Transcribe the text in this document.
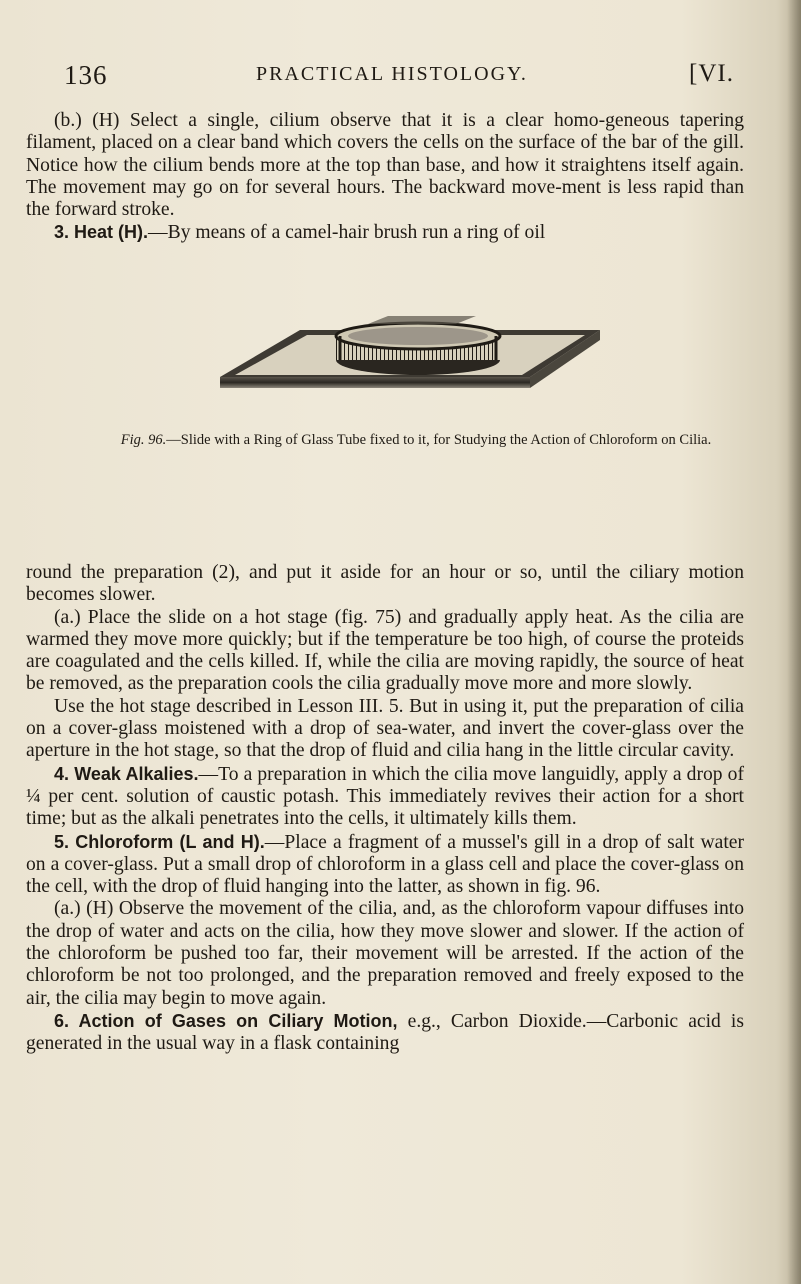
136	PRACTICAL HISTOLOGY.	[VI.

(b.) (H) Select a single, cilium observe that it is a clear homo-geneous tapering filament, placed on a clear band which covers the cells on the surface of the bar of the gill. Notice how the cilium bends more at the top than base, and how it straightens itself again. The movement may go on for several hours. The backward move-ment is less rapid than the forward stroke.

3. Heat (H).—By means of a camel-hair brush run a ring of oil

Fig. 96.—Slide with a Ring of Glass Tube fixed to it, for Studying the Action of Chloroform on Cilia.

round the preparation (2), and put it aside for an hour or so, until the ciliary motion becomes slower.

(a.) Place the slide on a hot stage (fig. 75) and gradually apply heat. As the cilia are warmed they move more quickly; but if the temperature be too high, of course the proteids are coagulated and the cells killed. If, while the cilia are moving rapidly, the source of heat be removed, as the preparation cools the cilia gradually move more and more slowly.

Use the hot stage described in Lesson III. 5. But in using it, put the preparation of cilia on a cover-glass moistened with a drop of sea-water, and invert the cover-glass over the aperture in the hot stage, so that the drop of fluid and cilia hang in the little circular cavity.

4. Weak Alkalies.—To a preparation in which the cilia move languidly, apply a drop of ¼ per cent. solution of caustic potash. This immediately revives their action for a short time; but as the alkali penetrates into the cells, it ultimately kills them.

5. Chloroform (L and H).—Place a fragment of a mussel's gill in a drop of salt water on a cover-glass. Put a small drop of chloroform in a glass cell and place the cover-glass on the cell, with the drop of fluid hanging into the latter, as shown in fig. 96.

(a.) (H) Observe the movement of the cilia, and, as the chloroform vapour diffuses into the drop of water and acts on the cilia, how they move slower and slower. If the action of the chloroform be pushed too far, their movement will be arrested. If the action of the chloroform be not too prolonged, and the preparation removed and freely exposed to the air, the cilia may begin to move again.

6. Action of Gases on Ciliary Motion, e.g., Carbon Dioxide.—Carbonic acid is generated in the usual way in a flask containing
